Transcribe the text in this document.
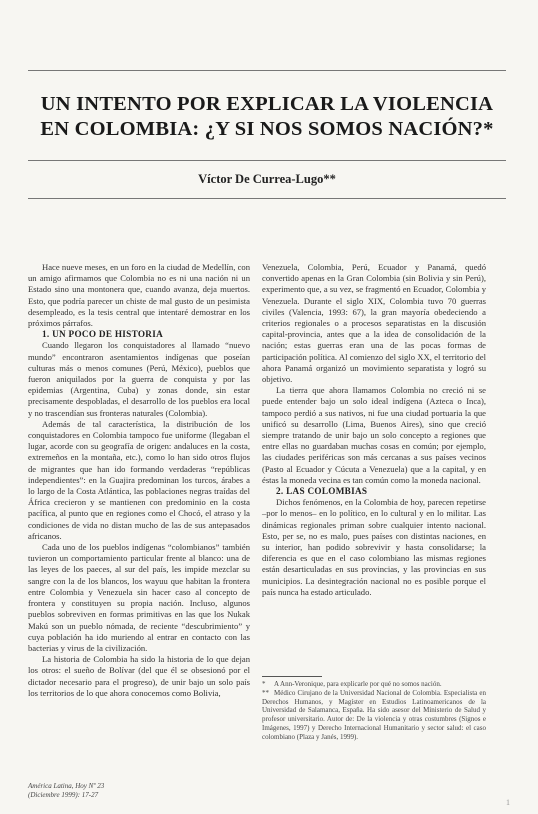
UN INTENTO POR EXPLICAR LA VIOLENCIA
EN COLOMBIA: ¿Y SI NOS SOMOS NACIÓN?*
Víctor De Currea-Lugo**

Hace nueve meses, en un foro en la ciudad de Medellín, con un amigo afirmamos que Colombia no es ni una nación ni un Estado sino una montonera que, cuando avanza, deja muertos. Esto, que podría parecer un chiste de mal gusto de un pesimista desempleado, es la tesis central que intentaré demostrar en los próximos párrafos.

1. UN POCO DE HISTORIA

Cuando llegaron los conquistadores al llamado “nuevo mundo” encontraron asentamientos indígenas que poseían culturas más o menos comunes (Perú, México), pueblos que fueron aniquilados por la guerra de conquista y por las epidemias (Argentina, Cuba) y zonas donde, sin estar precisamente despobladas, el desarrollo de los pueblos era local y no trascendían sus fronteras naturales (Colombia).

Además de tal característica, la distribución de los conquistadores en Colombia tampoco fue uniforme (llegaban el lugar, acorde con su geografía de origen: andaluces en la costa, extremeños en la montaña, etc.), como lo han sido otros flujos de migrantes que han ido formando verdaderas “repúblicas independientes”: en la Guajira predominan los turcos, árabes a lo largo de la Costa Atlántica, las poblaciones negras traídas del África crecieron y se mantienen con predominio en la costa pacífica, al punto que en regiones como el Chocó, el atraso y la condiciones de vida no distan mucho de las de sus antepasados africanos.

Cada uno de los pueblos indígenas “colombianos” también tuvieron un comportamiento particular frente al blanco: una de las leyes de los paeces, al sur del país, les impide mezclar su sangre con la de los blancos, los wayuu que habitan la frontera entre Colombia y Venezuela sin hacer caso al concepto de frontera y constituyen su propia nación. Incluso, algunos pueblos sobreviven en formas primitivas en las que los Nukak Makú son un pueblo nómada, de reciente “descubrimiento” y cuya población ha ido muriendo al entrar en contacto con las bacterias y virus de la civilización.

La historia de Colombia ha sido la historia de lo que dejan los otros: el sueño de Bolívar (del que él se obsesionó por el dictador necesario para el progreso), de unir bajo un solo país los territorios de lo que ahora conocemos como Bolivia,

Venezuela, Colombia, Perú, Ecuador y Panamá, quedó convertido apenas en la Gran Colombia (sin Bolivia y sin Perú), experimento que, a su vez, se fragmentó en Ecuador, Colombia y Venezuela. Durante el siglo XIX, Colombia tuvo 70 guerras civiles (Valencia, 1993: 67), la gran mayoría obedeciendo a criterios regionales o a procesos separatistas en la discusión capital-provincia, antes que a la idea de consolidación de la nación; estas guerras eran una de las pocas formas de participación política. Al comienzo del siglo XX, el territorio del ahora Panamá organizó un movimiento separatista y logró su objetivo.

La tierra que ahora llamamos Colombia no creció ni se puede entender bajo un solo ideal indígena (Azteca o Inca), tampoco perdió a sus nativos, ni fue una ciudad portuaria la que unificó su desarrollo (Lima, Buenos Aires), sino que creció siempre tratando de unir bajo un solo concepto a regiones que entre ellas no guardaban muchas cosas en común; por ejemplo, las ciudades periféricas son más cercanas a sus países vecinos (Pasto al Ecuador y Cúcuta a Venezuela) que a la capital, y en éstas la moneda vecina es tan común como la moneda nacional.

2. LAS COLOMBIAS

Dichos fenómenos, en la Colombia de hoy, parecen repetirse –por lo menos– en lo político, en lo cultural y en lo militar. Las dinámicas regionales priman sobre cualquier intento nacional. Esto, per se, no es malo, pues países con distintas naciones, en su interior, han podido sobrevivir y hasta consolidarse; la diferencia es que en el caso colombiano las mismas regiones están desarticuladas en sus provincias, y las provincias en sus municipios. La desintegración nacional no es posible porque el país nunca ha estado articulado.

* A Ann-Veronique, para explicarle por qué no somos nación.

** Médico Cirujano de la Universidad Nacional de Colombia. Especialista en Derechos Humanos, y Magíster en Estudios Latinoamericanos de la Universidad de Salamanca, España. Ha sido asesor del Ministerio de Salud y profesor universitario. Autor de: De la violencia y otras costumbres (Signos e Imágenes, 1997) y Derecho Internacional Humanitario y sector salud: el caso colombiano (Plaza y Janés, 1999).

América Latina, Hoy Nº 23
(Diciembre 1999): 17-27
1
